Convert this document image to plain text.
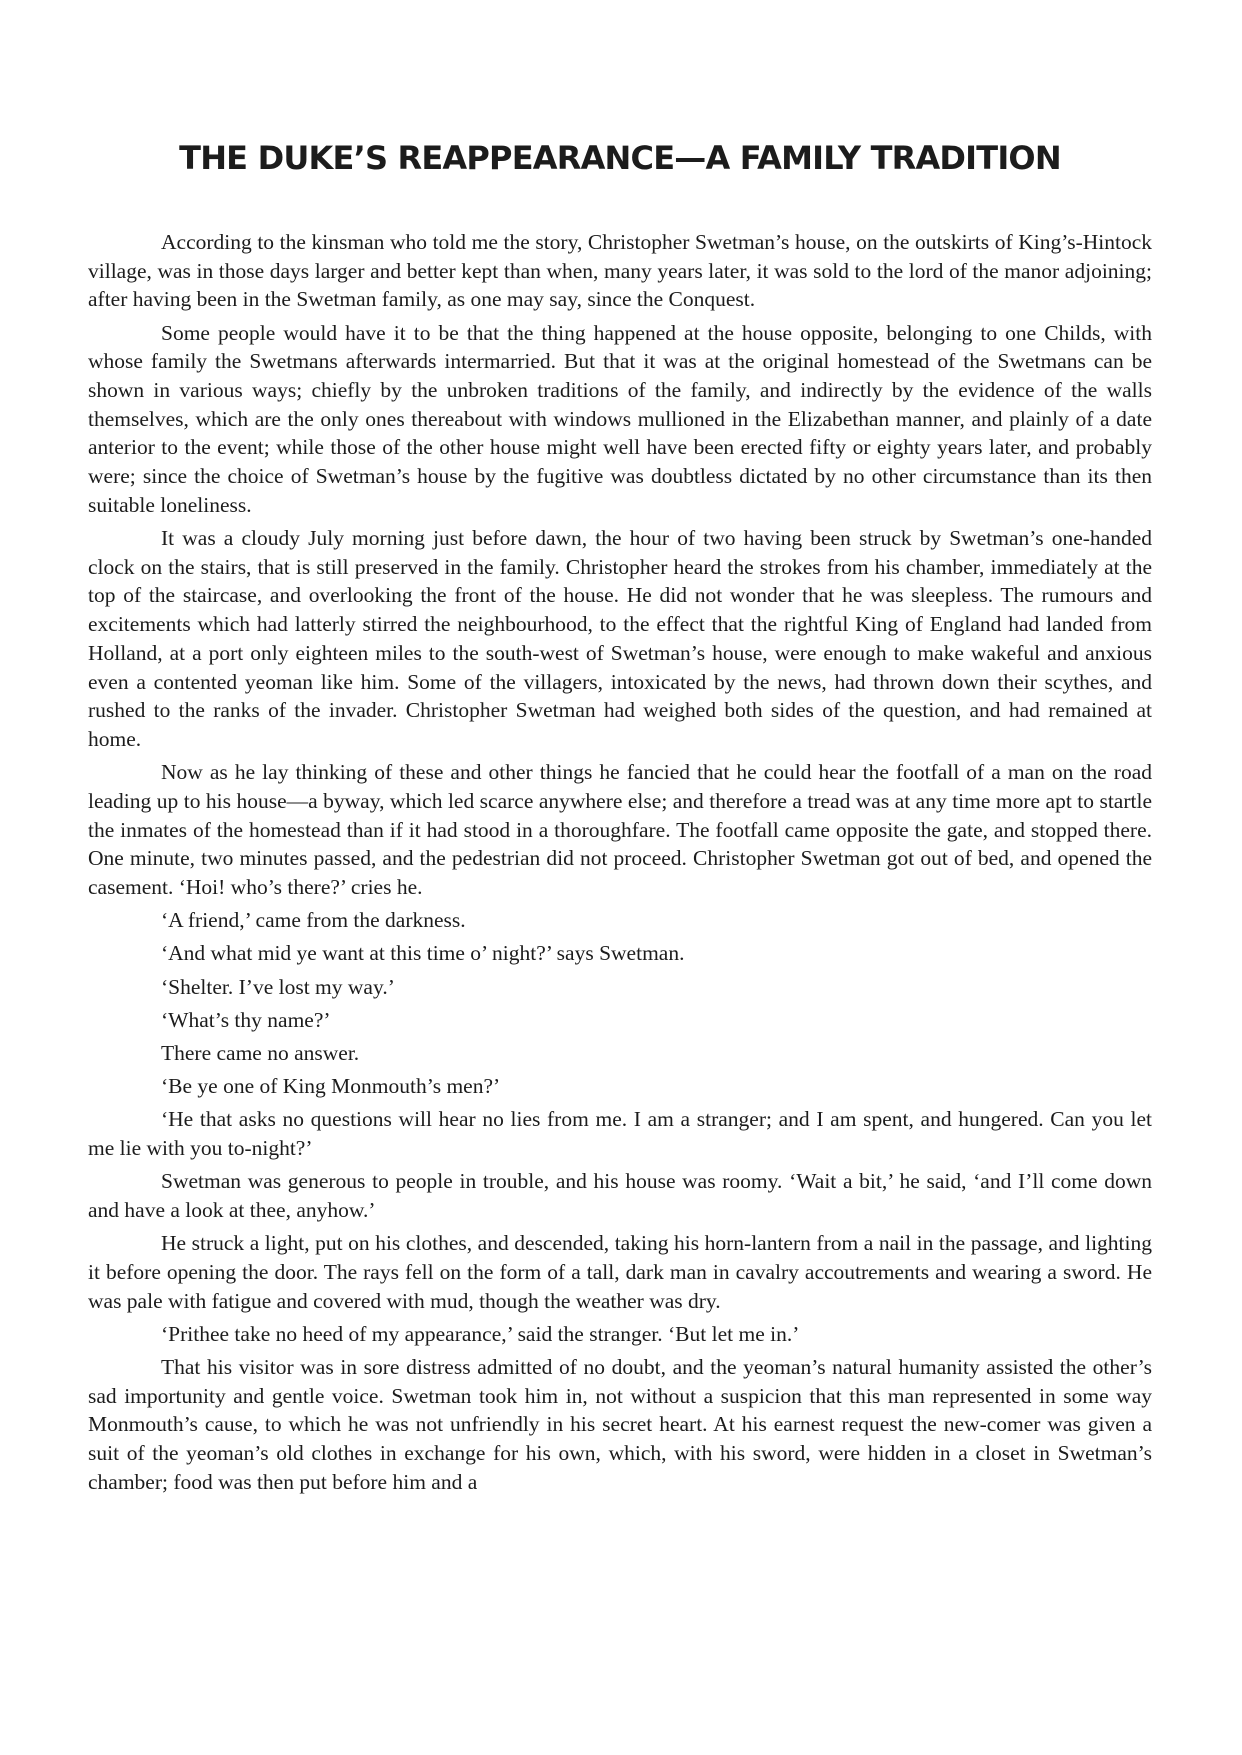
THE DUKE’S REAPPEARANCE—A FAMILY TRADITION

According to the kinsman who told me the story, Christopher Swetman’s house, on the outskirts of King’s-Hintock village, was in those days larger and better kept than when, many years later, it was sold to the lord of the manor adjoining; after having been in the Swetman family, as one may say, since the Conquest.

Some people would have it to be that the thing happened at the house opposite, belonging to one Childs, with whose family the Swetmans afterwards intermarried. But that it was at the original homestead of the Swetmans can be shown in various ways; chiefly by the unbroken traditions of the family, and indirectly by the evidence of the walls themselves, which are the only ones thereabout with windows mullioned in the Elizabethan manner, and plainly of a date anterior to the event; while those of the other house might well have been erected fifty or eighty years later, and probably were; since the choice of Swetman’s house by the fugitive was doubtless dictated by no other circumstance than its then suitable loneliness.

It was a cloudy July morning just before dawn, the hour of two having been struck by Swetman’s one-handed clock on the stairs, that is still preserved in the family. Christopher heard the strokes from his chamber, immediately at the top of the staircase, and overlooking the front of the house. He did not wonder that he was sleepless. The rumours and excitements which had latterly stirred the neighbourhood, to the effect that the rightful King of England had landed from Holland, at a port only eighteen miles to the south-west of Swetman’s house, were enough to make wakeful and anxious even a contented yeoman like him. Some of the villagers, intoxicated by the news, had thrown down their scythes, and rushed to the ranks of the invader. Christopher Swetman had weighed both sides of the question, and had remained at home.

Now as he lay thinking of these and other things he fancied that he could hear the footfall of a man on the road leading up to his house—a byway, which led scarce anywhere else; and therefore a tread was at any time more apt to startle the inmates of the homestead than if it had stood in a thoroughfare. The footfall came opposite the gate, and stopped there. One minute, two minutes passed, and the pedestrian did not proceed. Christopher Swetman got out of bed, and opened the casement. ‘Hoi! who’s there?’ cries he.

‘A friend,’ came from the darkness.

‘And what mid ye want at this time o’ night?’ says Swetman.

‘Shelter. I’ve lost my way.’

‘What’s thy name?’

There came no answer.

‘Be ye one of King Monmouth’s men?’

‘He that asks no questions will hear no lies from me. I am a stranger; and I am spent, and hungered. Can you let me lie with you to-night?’

Swetman was generous to people in trouble, and his house was roomy. ‘Wait a bit,’ he said, ‘and I’ll come down and have a look at thee, anyhow.’

He struck a light, put on his clothes, and descended, taking his horn-lantern from a nail in the passage, and lighting it before opening the door. The rays fell on the form of a tall, dark man in cavalry accoutrements and wearing a sword. He was pale with fatigue and covered with mud, though the weather was dry.

‘Prithee take no heed of my appearance,’ said the stranger. ‘But let me in.’

That his visitor was in sore distress admitted of no doubt, and the yeoman’s natural humanity assisted the other’s sad importunity and gentle voice. Swetman took him in, not without a suspicion that this man represented in some way Monmouth’s cause, to which he was not unfriendly in his secret heart. At his earnest request the new-comer was given a suit of the yeoman’s old clothes in exchange for his own, which, with his sword, were hidden in a closet in Swetman’s chamber; food was then put before him and a
